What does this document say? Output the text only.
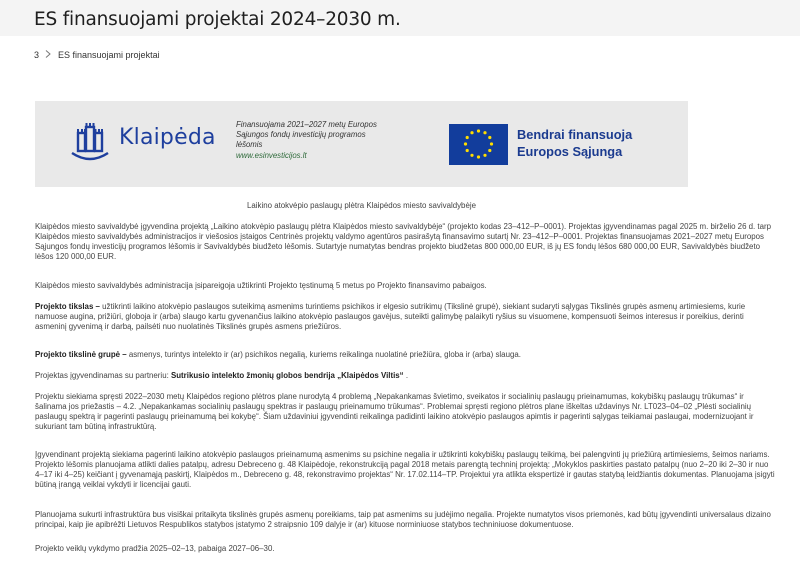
ES finansuojami projektai 2024–2030 m.
3 ES finansuojami projektai
Klaipėda
Finansuojama 2021–2027 metų Europos
Sąjungos fondų investicijų programos
lėšomis
www.esinvesticijos.lt
Bendrai finansuoja
Europos Sąjunga

Laikino atokvėpio paslaugų plėtra Klaipėdos miesto savivaldybėje

Klaipėdos miesto savivaldybė įgyvendina projektą „Laikino atokvėpio paslaugų plėtra Klaipėdos miesto savivaldybėje“ (projekto kodas 23–412–P–0001). Projektas įgyvendinamas pagal 2025 m. birželio 26 d. tarp Klaipėdos miesto savivaldybės administracijos ir viešosios įstaigos Centrinės projektų valdymo agentūros pasirašytą finansavimo sutartį Nr. 23–412–P–0001. Projektas finansuojamas 2021–2027 metų Europos Sąjungos fondų investicijų programos lėšomis ir Savivaldybės biudžeto lėšomis. Sutartyje numatytas bendras projekto biudžetas 800 000,00 EUR, iš jų ES fondų lėšos 680 000,00 EUR, Savivaldybės biudžeto lėšos 120 000,00 EUR.

Klaipėdos miesto savivaldybės administracija įsipareigoja užtikrinti Projekto tęstinumą 5 metus po Projekto finansavimo pabaigos.

Projekto tikslas – užtikrinti laikino atokvėpio paslaugos suteikimą asmenims turintiems psichikos ir elgesio sutrikimų (Tikslinė grupė), siekiant sudaryti sąlygas Tikslinės grupės asmenų artimiesiems, kurie namuose augina, prižiūri, globoja ir (arba) slaugo kartu gyvenančius laikino atokvėpio paslaugos gavėjus, suteikti galimybę palaikyti ryšius su visuomene, kompensuoti šeimos interesus ir poreikius, derinti asmeninį gyvenimą ir darbą, pailsėti nuo nuolatinės Tikslinės grupės asmens priežiūros.

Projekto tikslinė grupė – asmenys, turintys intelekto ir (ar) psichikos negalią, kuriems reikalinga nuolatinė priežiūra, globa ir (arba) slauga.

Projektas įgyvendinamas su partneriu: Sutrikusio intelekto žmonių globos bendrija „Klaipėdos Viltis“ .

Projektu siekiama spręsti 2022–2030 metų Klaipėdos regiono plėtros plane nurodytą 4 problemą „Nepakankamas švietimo, sveikatos ir socialinių paslaugų prieinamumas, kokybiškų paslaugų trūkumas“ ir šalinama jos priežastis – 4.2. „Nepakankamas socialinių paslaugų spektras ir paslaugų prieinamumo trūkumas“. Problemai spręsti regiono plėtros plane iškeltas uždavinys Nr. LT023–04–02 „Plėsti socialinių paslaugų spektrą ir pagerinti paslaugų prieinamumą bei kokybę“. Šiam uždaviniui įgyvendinti reikalinga padidinti laikino atokvėpio paslaugos apimtis ir pagerinti sąlygas teikiamai paslaugai, modernizuojant ir sukuriant tam būtiną infrastruktūrą.

Įgyvendinant projektą siekiama pagerinti laikino atokvėpio paslaugos prieinamumą asmenims su psichine negalia ir užtikrinti kokybiškų paslaugų teikimą, bei palengvinti jų priežiūrą artimiesiems, šeimos nariams. Projekto lėšomis planuojama atlikti dalies patalpų, adresu Debreceno g. 48 Klaipėdoje, rekonstrukciją pagal 2018 metais parengtą techninį projektą: „Mokyklos paskirties pastato patalpų (nuo 2–20 iki 2–30 ir nuo 4–17 iki 4–25) keičiant į gyvenamąją paskirtį, Klaipėdos m., Debreceno g. 48, rekonstravimo projektas“ Nr. 17.02.114–TP. Projektui yra atlikta ekspertizė ir gautas statybą leidžiantis dokumentas. Planuojama įsigyti būtiną įrangą veiklai vykdyti ir licencijai gauti.

Planuojama sukurti infrastruktūra bus visiškai pritaikyta tikslinės grupės asmenų poreikiams, taip pat asmenims su judėjimo negalia. Projekte numatytos visos priemonės, kad būtų įgyvendinti universalaus dizaino principai, kaip jie apibrėžti Lietuvos Respublikos statybos įstatymo 2 straipsnio 109 dalyje ir (ar) kituose norminiuose statybos techniniuose dokumentuose.

Projekto veiklų vykdymo pradžia 2025–02–13, pabaiga 2027–06–30.
